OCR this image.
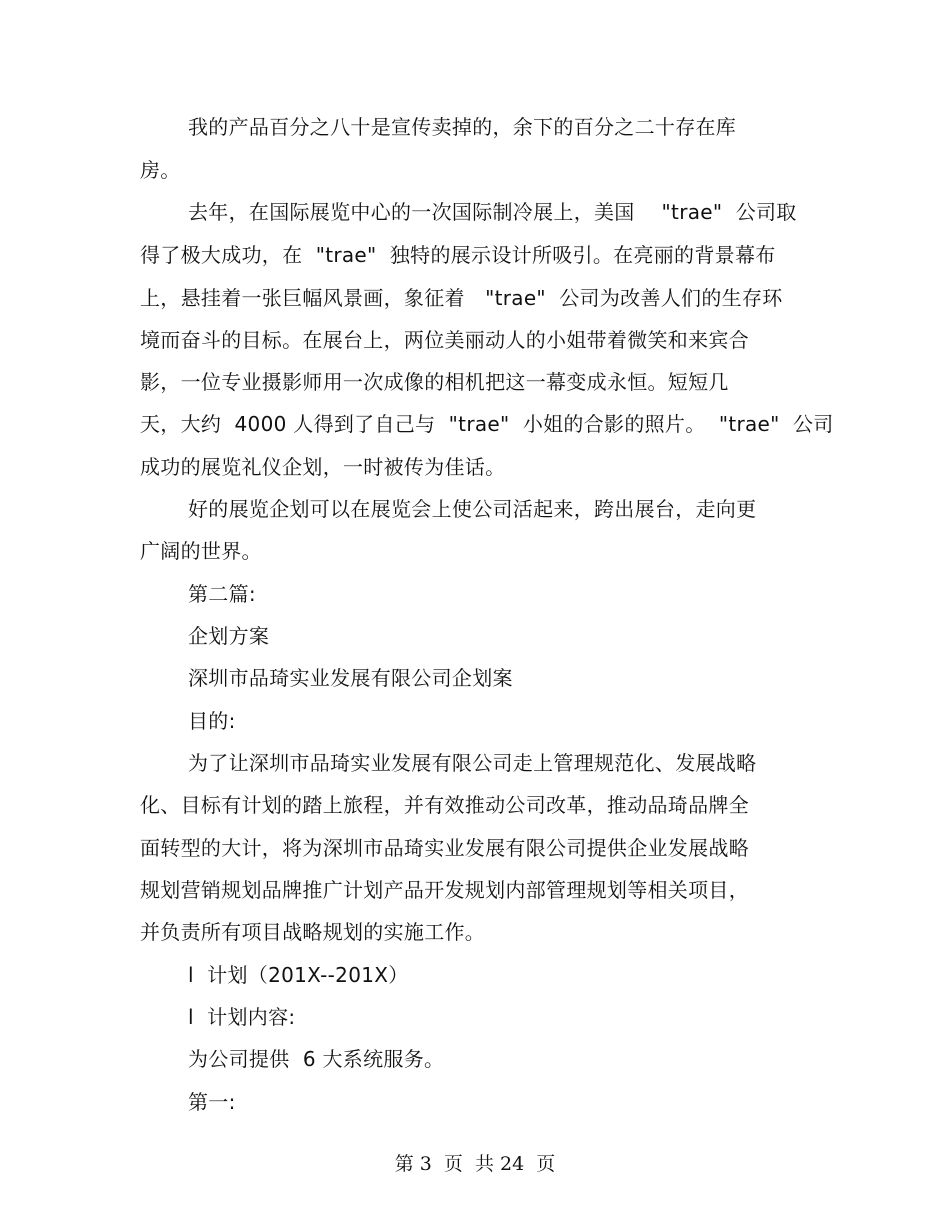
我的产品百分之八十是宣传卖掉的，余下的百分之二十存在库
房。
去年，在国际展览中心的一次国际制冷展上，美国　 "trae"  公司取
得了极大成功，在  "trae"  独特的展示设计所吸引。在亮丽的背景幕布
上，悬挂着一张巨幅风景画，象征着　"trae"  公司为改善人们的生存环
境而奋斗的目标。在展台上，两位美丽动人的小姐带着微笑和来宾合
影，一位专业摄影师用一次成像的相机把这一幕变成永恒。短短几
天，大约  4000 人得到了自己与  "trae"  小姐的合影的照片。  "trae"  公司
成功的展览礼仪企划，一时被传为佳话。
好的展览企划可以在展览会上使公司活起来，跨出展台，走向更
广阔的世界。
第二篇:
企划方案
深圳市品琦实业发展有限公司企划案
目的:
为了让深圳市品琦实业发展有限公司走上管理规范化、发展战略
化、目标有计划的踏上旅程，并有效推动公司改革，推动品琦品牌全
面转型的大计，将为深圳市品琦实业发展有限公司提供企业发展战略
规划营销规划品牌推广计划产品开发规划内部管理规划等相关项目，
并负责所有项目战略规划的实施工作。
l  计划（201X--201X）
l  计划内容:
为公司提供  6 大系统服务。
第一:
第 3  页  共 24  页
